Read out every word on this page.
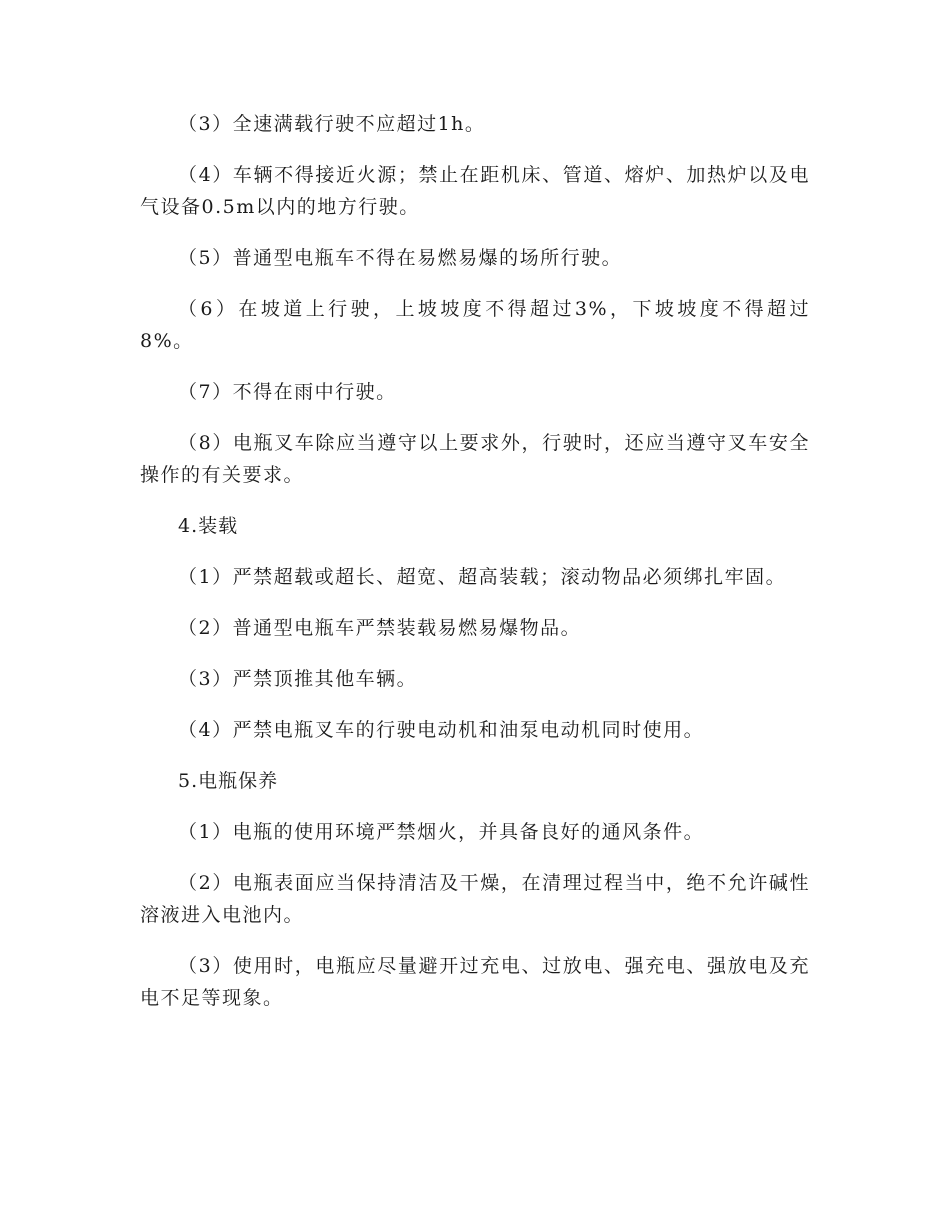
（3）全速满载行驶不应超过1h。

（4）车辆不得接近火源；禁止在距机床、管道、熔炉、加热炉以及电气设备0.5m以内的地方行驶。

（5）普通型电瓶车不得在易燃易爆的场所行驶。

（6）在坡道上行驶，上坡坡度不得超过3%，下坡坡度不得超过8%。

（7）不得在雨中行驶。

（8）电瓶叉车除应当遵守以上要求外，行驶时，还应当遵守叉车安全操作的有关要求。

4.装载

（1）严禁超载或超长、超宽、超高装载；滚动物品必须绑扎牢固。

（2）普通型电瓶车严禁装载易燃易爆物品。

（3）严禁顶推其他车辆。

（4）严禁电瓶叉车的行驶电动机和油泵电动机同时使用。

5.电瓶保养

（1）电瓶的使用环境严禁烟火，并具备良好的通风条件。

（2）电瓶表面应当保持清洁及干燥，在清理过程当中，绝不允许碱性溶液进入电池内。

（3）使用时，电瓶应尽量避开过充电、过放电、强充电、强放电及充电不足等现象。
